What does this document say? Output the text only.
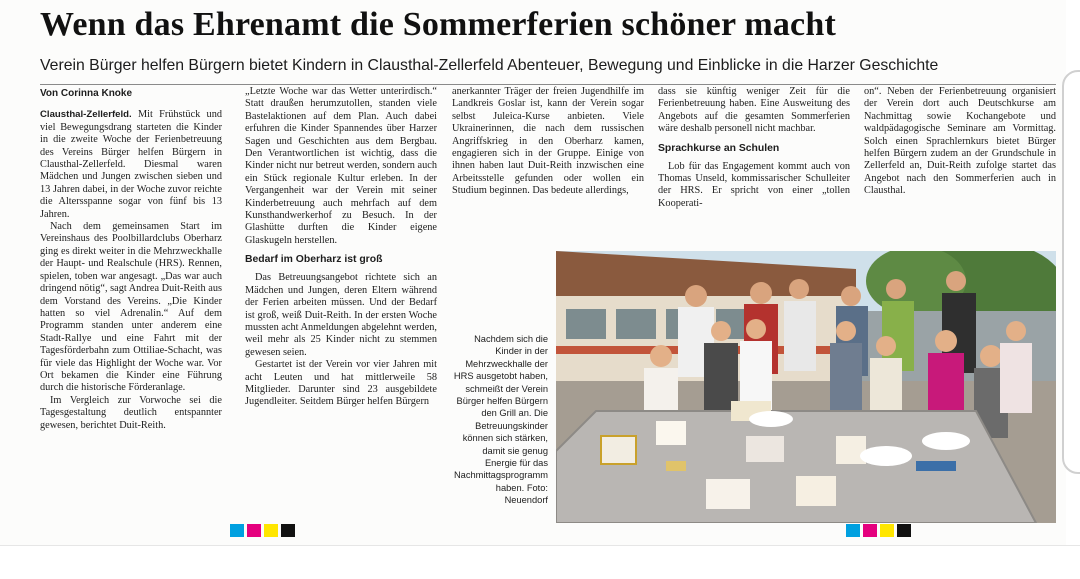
Wenn das Ehrenamt die Sommerferien schöner macht
Verein Bürger helfen Bürgern bietet Kindern in Clausthal-Zellerfeld Abenteuer, Bewegung und Einblicke in die Harzer Geschichte

Von Corinna Knoke

Clausthal-Zellerfeld. Mit Frühstück und viel Bewegungsdrang starteten die Kinder in die zweite Woche der Ferienbetreuung des Vereins Bürger helfen Bürgern in Clausthal-Zellerfeld. Diesmal waren Mädchen und Jungen zwischen sieben und 13 Jahren dabei, in der Woche zuvor reichte die Altersspanne sogar von fünf bis 13 Jahren.

Nach dem gemeinsamen Start im Vereinshaus des Poolbillardclubs Oberharz ging es direkt weiter in die Mehrzweckhalle der Haupt- und Realschule (HRS). Rennen, spielen, toben war angesagt. „Das war auch dringend nötig“, sagt Andrea Duit-Reith aus dem Vorstand des Vereins. „Die Kinder hatten so viel Adrenalin.“ Auf dem Programm standen unter anderem eine Stadt-Rallye und eine Fahrt mit der Tagesförderbahn zum Ottiliae-Schacht, was für viele das Highlight der Woche war. Vor Ort bekamen die Kinder eine Führung durch die historische Förderanlage.

Im Vergleich zur Vorwoche sei die Tagesgestaltung deutlich entspannter gewesen, berichtet Duit-Reith.

„Letzte Woche war das Wetter unterirdisch.“ Statt draußen herumzutollen, standen viele Bastelaktionen auf dem Plan. Auch dabei erfuhren die Kinder Spannendes über Harzer Sagen und Geschichten aus dem Bergbau. Den Verantwortlichen ist wichtig, dass die Kinder nicht nur betreut werden, sondern auch ein Stück regionale Kultur erleben. In der Vergangenheit war der Verein mit seiner Kinderbetreuung auch mehrfach auf dem Kunsthandwerkerhof zu Besuch. In der Glashütte durften die Kinder eigene Glaskugeln herstellen.

Bedarf im Oberharz ist groß

Das Betreuungsangebot richtete sich an Mädchen und Jungen, deren Eltern während der Ferien arbeiten müssen. Und der Bedarf ist groß, weiß Duit-Reith. In der ersten Woche mussten acht Anmeldungen abgelehnt werden, weil mehr als 25 Kinder nicht zu stemmen gewesen seien.

Gestartet ist der Verein vor vier Jahren mit acht Leuten und hat mittlerweile 58 Mitglieder. Darunter sind 23 ausgebildete Jugendleiter. Seitdem Bürger helfen Bürgern

anerkannter Träger der freien Jugendhilfe im Landkreis Goslar ist, kann der Verein sogar selbst Juleica-Kurse anbieten. Viele Ukrainerinnen, die nach dem russischen Angriffskrieg in den Oberharz kamen, engagieren sich in der Gruppe. Einige von ihnen haben laut Duit-Reith inzwischen eine Arbeitsstelle gefunden oder wollen ein Studium beginnen. Das bedeute allerdings,

dass sie künftig weniger Zeit für die Ferienbetreuung haben. Eine Ausweitung des Angebots auf die gesamten Sommerferien wäre deshalb personell nicht machbar.

Sprachkurse an Schulen

Lob für das Engagement kommt auch von Thomas Unseld, kommissarischer Schulleiter der HRS. Er spricht von einer „tollen Kooperati-

on“. Neben der Ferienbetreuung organisiert der Verein dort auch Deutschkurse am Nachmittag sowie Kochangebote und waldpädagogische Seminare am Vormittag. Solch einen Sprachlernkurs bietet Bürger helfen Bürgern zudem an der Grundschule in Zellerfeld an, Duit-Reith zufolge startet das Angebot nach den Sommerferien auch in Clausthal.

Nachdem sich die Kinder in der Mehrzweckhalle der HRS ausgetobt haben, schmeißt der Verein Bürger helfen Bürgern den Grill an. Die Betreuungskinder können sich stärken, damit sie genug Energie für das Nachmittagsprogramm haben. Foto: Neuendorf
